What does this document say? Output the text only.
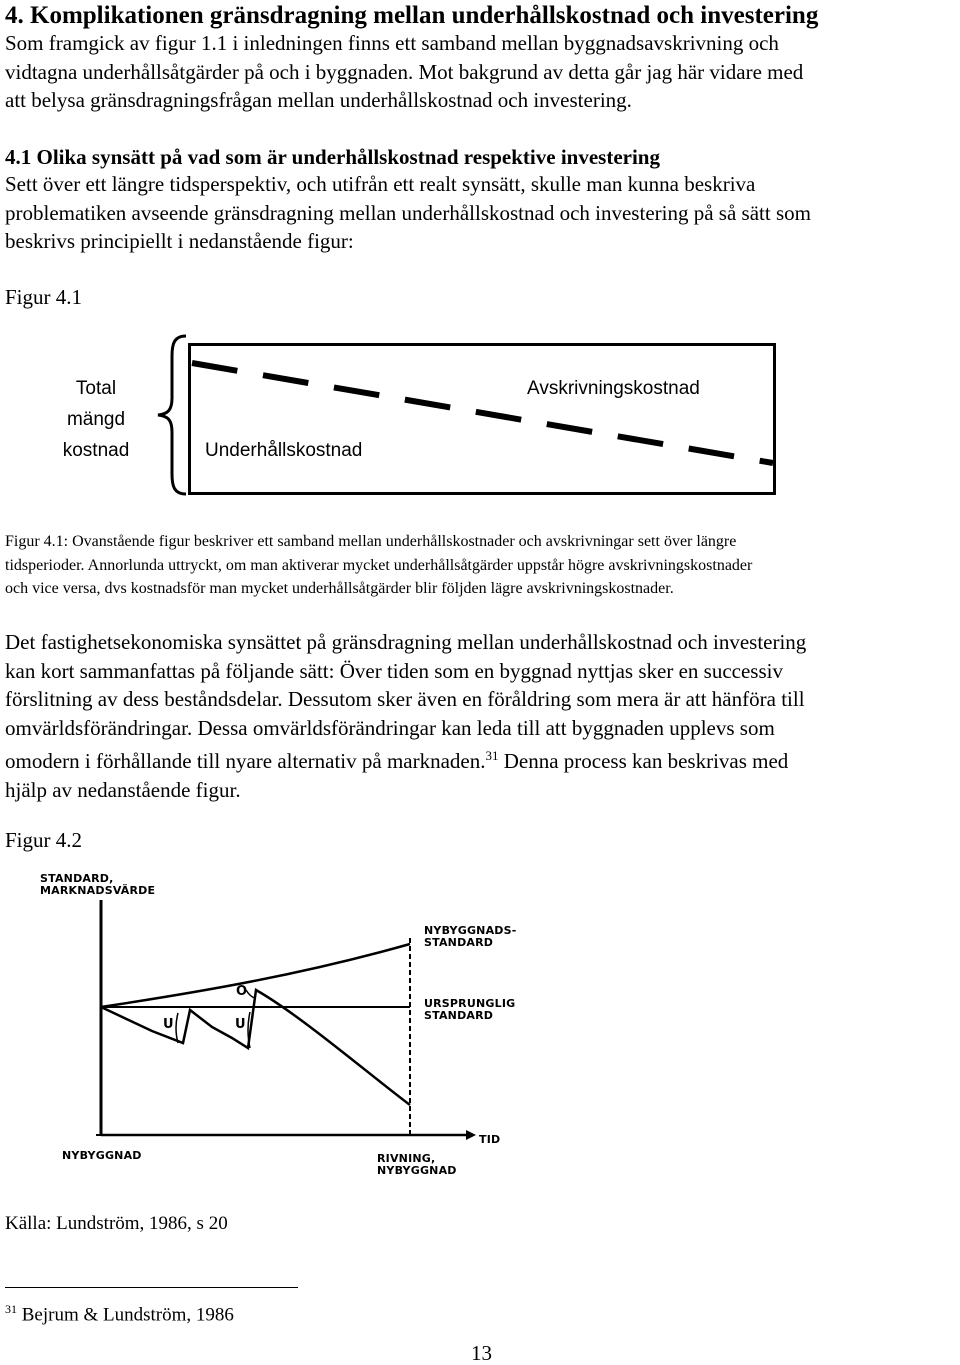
4. Komplikationen gränsdragning mellan underhållskostnad och investering
Som framgick av figur 1.1 i inledningen finns ett samband mellan byggnadsavskrivning och
vidtagna underhållsåtgärder på och i byggnaden. Mot bakgrund av detta går jag här vidare med
att belysa gränsdragningsfrågan mellan underhållskostnad och investering.
4.1 Olika synsätt på vad som är underhållskostnad respektive investering
Sett över ett längre tidsperspektiv, och utifrån ett realt synsätt, skulle man kunna beskriva
problematiken avseende gränsdragning mellan underhållskostnad och investering på så sätt som
beskrivs principiellt i nedanstående figur:
Figur 4.1
Total
mängd
kostnad
Avskrivningskostnad
Underhållskostnad
Figur 4.1: Ovanstående figur beskriver ett samband mellan underhållskostnader och avskrivningar sett över längre
tidsperioder. Annorlunda uttryckt, om man aktiverar mycket underhållsåtgärder uppstår högre avskrivningskostnader
och vice versa, dvs kostnadsför man mycket underhållsåtgärder blir följden lägre avskrivningskostnader.
Det fastighetsekonomiska synsättet på gränsdragning mellan underhållskostnad och investering
kan kort sammanfattas på följande sätt: Över tiden som en byggnad nyttjas sker en successiv
förslitning av dess beståndsdelar. Dessutom sker även en föråldring som mera är att hänföra till
omvärldsförändringar. Dessa omvärldsförändringar kan leda till att byggnaden upplevs som
omodern i förhållande till nyare alternativ på marknaden.$^{31}$ Denna process kan beskrivas med
hjälp av nedanstående figur.
Figur 4.2
STANDARD,
MARKNADSVÄRDE
NYBYGGNADS-
STANDARD
URSPRUNGLIG
STANDARD
TID
NYBYGGNAD	RIVNING,
NYBYGGNAD
U	U
O
Källa: Lundström, 1986, s 20
$^{31}$ Bejrum & Lundström, 1986
13
